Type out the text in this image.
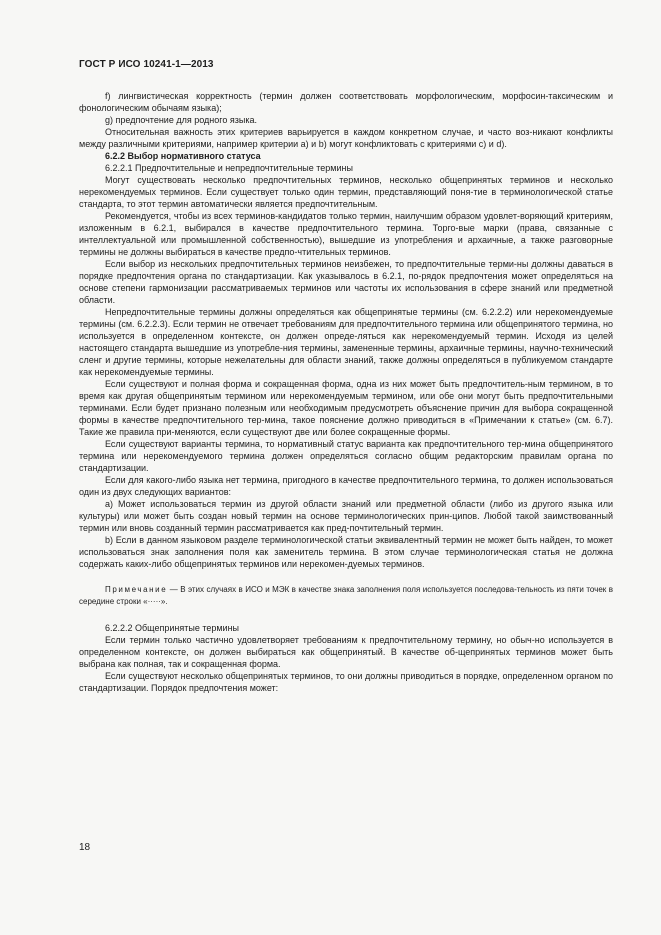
ГОСТ Р ИСО 10241-1—2013

f) лингвистическая корректность (термин должен соответствовать морфологическим, морфосин-таксическим и фонологическим обычаям языка);

g) предпочтение для родного языка.

Относительная важность этих критериев варьируется в каждом конкретном случае, и часто воз-никают конфликты между различными критериями, например критерии a) и b) могут конфликтовать с критериями c) и d).

6.2.2 Выбор нормативного статуса

6.2.2.1 Предпочтительные и непредпочтительные термины

Могут существовать несколько предпочтительных терминов, несколько общепринятых терминов и несколько нерекомендуемых терминов. Если существует только один термин, представляющий поня-тие в терминологической статье стандарта, то этот термин автоматически является предпочтительным.

Рекомендуется, чтобы из всех терминов-кандидатов только термин, наилучшим образом удовлет-воряющий критериям, изложенным в 6.2.1, выбирался в качестве предпочтительного термина. Торго-вые марки (права, связанные с интеллектуальной или промышленной собственностью), вышедшие из употребления и архаичные, а также разговорные термины не должны выбираться в качестве предпо-чтительных терминов.

Если выбор из нескольких предпочтительных терминов неизбежен, то предпочтительные терми-ны должны даваться в порядке предпочтения органа по стандартизации. Как указывалось в 6.2.1, по-рядок предпочтения может определяться на основе степени гармонизации рассматриваемых терминов или частоты их использования в сфере знаний или предметной области.

Непредпочтительные термины должны определяться как общепринятые термины (см. 6.2.2.2) или нерекомендуемые термины (см. 6.2.2.3). Если термин не отвечает требованиям для предпочтительного термина или общепринятого термина, но используется в определенном контексте, он должен опреде-ляться как нерекомендуемый термин. Исходя из целей настоящего стандарта вышедшие из употребле-ния термины, замененные термины, архаичные термины, научно-технический сленг и другие термины, которые нежелательны для области знаний, также должны определяться в публикуемом стандарте как нерекомендуемые термины.

Если существуют и полная форма и сокращенная форма, одна из них может быть предпочтитель-ным термином, в то время как другая общепринятым термином или нерекомендуемым термином, или обе они могут быть предпочтительными терминами. Если будет признано полезным или необходимым предусмотреть объяснение причин для выбора сокращенной формы в качестве предпочтительного тер-мина, такое пояснение должно приводиться в «Примечании к статье» (см. 6.7). Такие же правила при-меняются, если существуют две или более сокращенные формы.

Если существуют варианты термина, то нормативный статус варианта как предпочтительного тер-мина общепринятого термина или нерекомендуемого термина должен определяться согласно общим редакторским правилам органа по стандартизации.

Если для какого-либо языка нет термина, пригодного в качестве предпочтительного термина, то должен использоваться один из двух следующих вариантов:

a) Может использоваться термин из другой области знаний или предметной области (либо из другого языка или культуры) или может быть создан новый термин на основе терминологических прин-ципов. Любой такой заимствованный термин или вновь созданный термин рассматривается как пред-почтительный термин.

b) Если в данном языковом разделе терминологической статьи эквивалентный термин не может быть найден, то может использоваться знак заполнения поля как заменитель термина. В этом случае терминологическая статья не должна содержать каких-либо общепринятых терминов или нерекомен-дуемых терминов.

Примечание — В этих случаях в ИСО и МЭК в качестве знака заполнения поля используется последова-тельность из пяти точек в середине строки «·····».

6.2.2.2 Общепринятые термины

Если термин только частично удовлетворяет требованиям к предпочтительному термину, но обыч-но используется в определенном контексте, он должен выбираться как общепринятый. В качестве об-щепринятых терминов может быть выбрана как полная, так и сокращенная форма.

Если существуют несколько общепринятых терминов, то они должны приводиться в порядке, определенном органом по стандартизации. Порядок предпочтения может:

18
